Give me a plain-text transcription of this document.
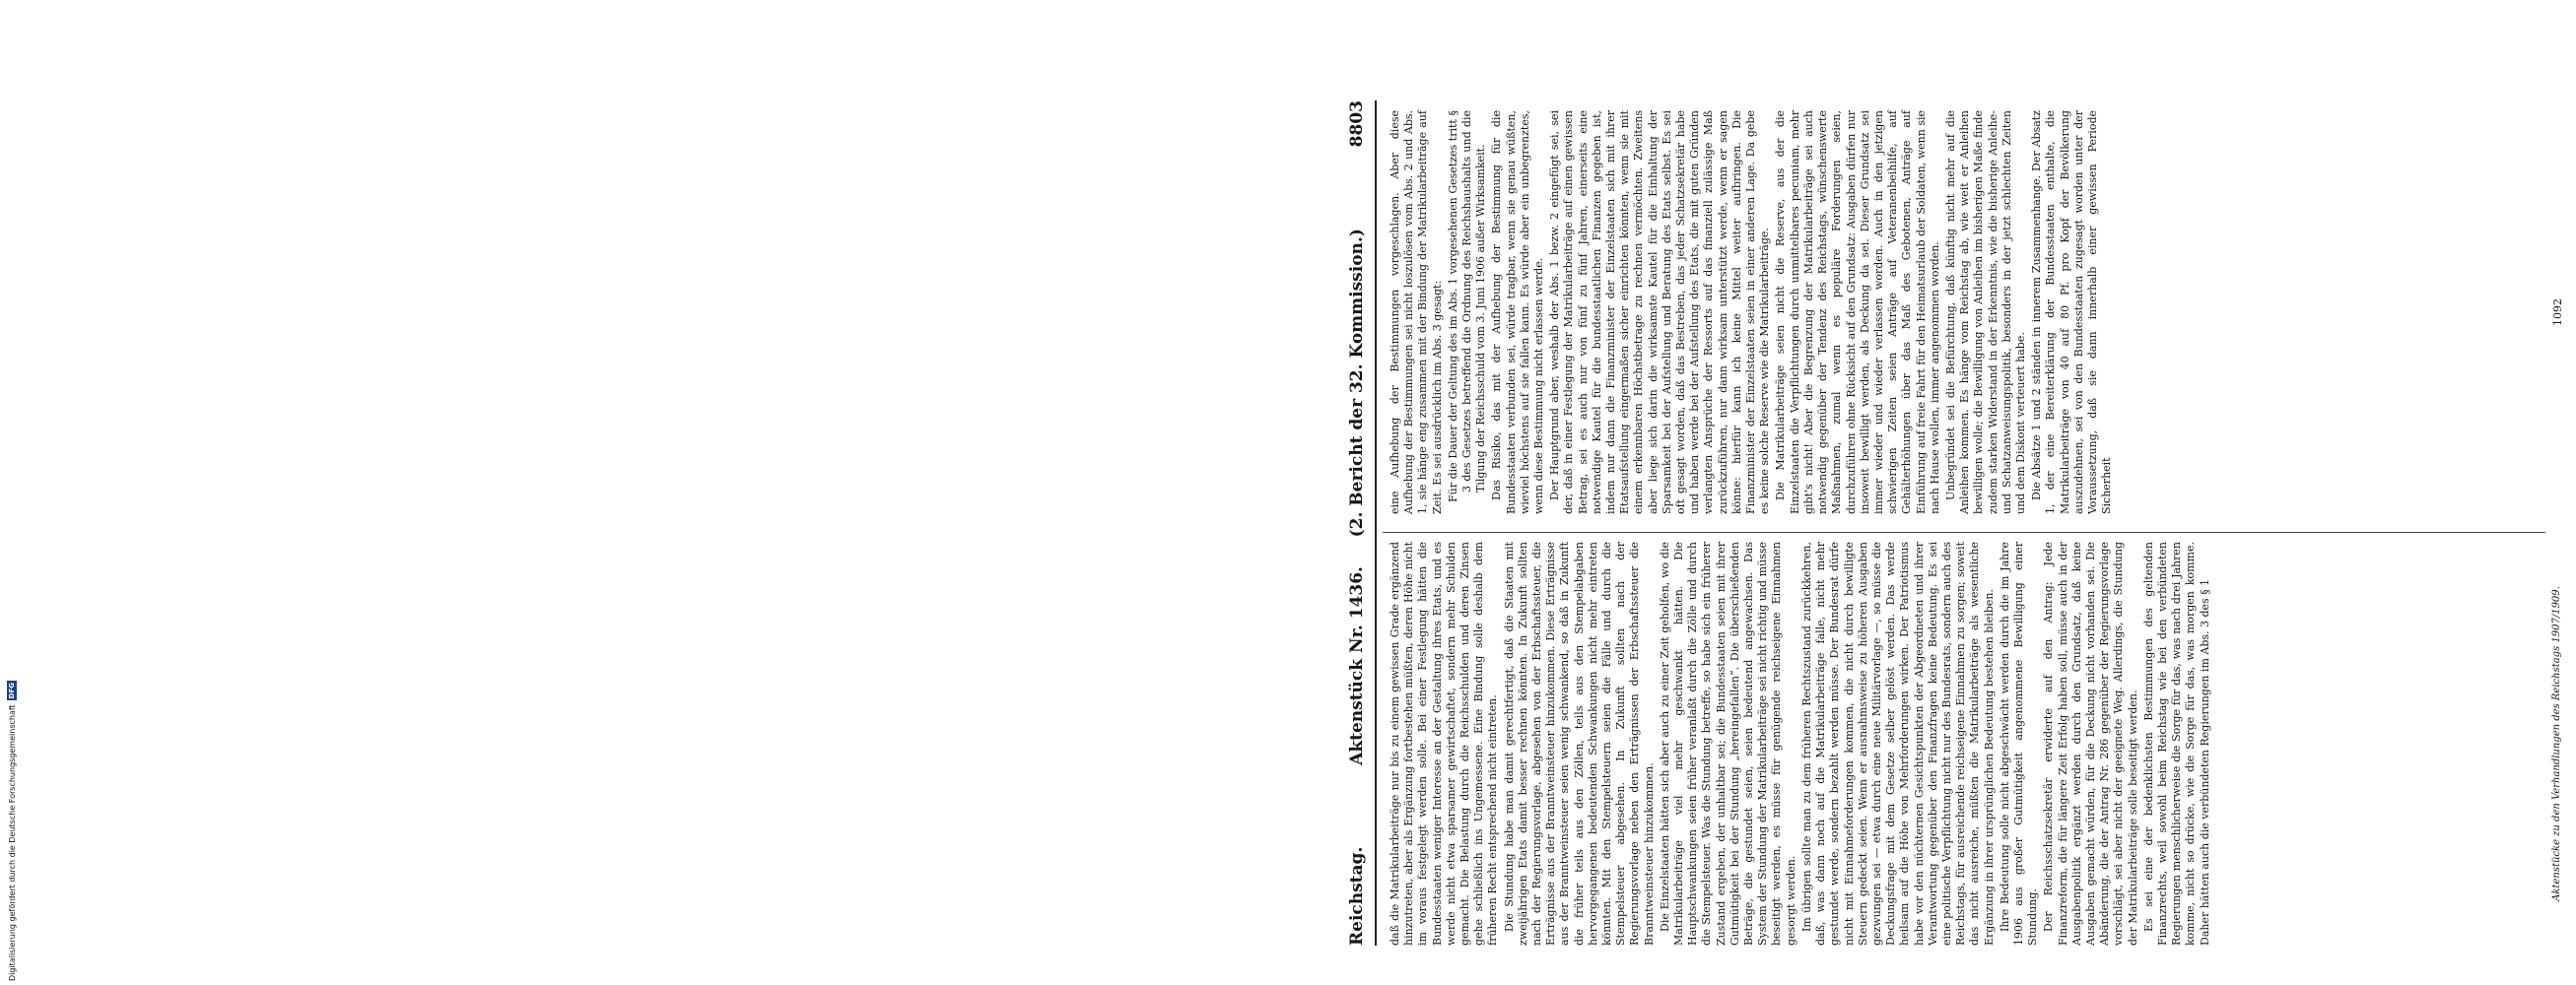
Reichstag.
Aktenstück Nr. 1436.     (2. Bericht der 32. Kommission.)
8803

daß die Matrikularbeiträge nur bis zu einem gewissen Grade ergänzend hinzutreten, aber als Ergänzung fortbestehen müßten, deren Höhe nicht im voraus festgelegt werden solle. Bei einer Festlegung hätten die Bundesstaaten weniger Interesse an der Gestaltung ihres Etats, und es werde nicht etwa sparsamer gewirtschaftet, sondern mehr Schulden gemacht. Die Belastung durch die Reichsschulden und deren Zinsen gehe schließlich ins Ungemessene. Eine Bindung solle deshalb dem früheren Recht entsprechend nicht eintreten. Die Stundung habe man damit gerechtfertigt, daß die Staaten mit zweijährigen Etats damit besser rechnen könnten. In Zukunft sollten nach der Regierungsvorlage, abgesehen von der Erbschaftssteuer, die Erträgnisse aus der Branntweinsteuer hinzukommen. Diese Erträgnisse aus der Branntweinsteuer seien wenig schwankend, so daß in Zukunft die früher teils aus den Zöllen, teils aus den Stempelabgaben hervorgegangenen bedeutenden Schwankungen nicht mehr eintreten könnten. Mit den Stempelsteuern seien die Fälle und durch die Stempelsteuer abgesehen. In Zukunft sollten nach der Regierungsvorlage neben den Erträgnissen der Erbschaftssteuer die Branntweinsteuer hinzukommen. Die Einzelstaaten hätten sich aber auch zu einer Zeit geholfen, wo die Matrikularbeiträge viel mehr geschwankt hätten. Die Hauptschwankungen seien früher veranlaßt durch die Zölle und durch die Stempelsteuer. Was die Stundung betreffe, so habe sich ein früherer Zustand ergeben, der unhaltbar sei; die Bundesstaaten seien mit ihrer Gutmütigkeit bei der Stundung „hereingefallen“. Die überschießenden Beträge, die gestundet seien, seien bedeutend angewachsen. Das System der Stundung der Matrikularbeiträge sei nicht richtig und müsse beseitigt werden, es müsse für genügende reichseigene Einnahmen gesorgt werden. Im übrigen sollte man zu dem früheren Rechtszustand zurückkehren, daß, was dann noch auf die Matrikularbeiträge falle, nicht mehr gestundet werde, sondern bezahlt werden müsse. Der Bundesrat dürfe nicht mit Einnahmeforderungen kommen, die nicht durch bewilligte Steuern gedeckt seien. Wenn er ausnahmsweise zu höheren Ausgaben gezwungen sei — etwa durch eine neue Militärvorlage —, so müsse die Deckungsfrage mit dem Gesetze selber gelöst werden. Das werde heilsam auf die Höhe von Mehrforderungen wirken. Der Patriotismus habe vor den nüchternen Gesichtspunkten der Abgeordneten und ihrer Verantwortung gegenüber den Finanzfragen keine Bedeutung. Es sei eine politische Verpflichtung nicht nur des Bundesrats, sondern auch des Reichstags, für ausreichende reichseigene Einnahmen zu sorgen; soweit das nicht ausreiche, müßten die Matrikularbeiträge als wesentliche Ergänzung in ihrer ursprünglichen Bedeutung bestehen bleiben. Ihre Bedeutung solle nicht abgeschwächt werden durch die im Jahre 1906 aus großer Gutmütigkeit angenommene Bewilligung einer Stundung. Der Reichsschatzsekretär erwiderte auf den Antrag: Jede Finanzreform, die für längere Zeit Erfolg haben soll, müsse auch in der Ausgabenpolitik ergänzt werden durch den Grundsatz, daß keine Ausgaben gemacht würden, für die Deckung nicht vorhanden sei. Die Abänderung, die der Antrag Nr. 286 gegenüber der Regierungsvorlage vorschlägt, sei aber nicht der geeignete Weg. Allerdings, die Stundung der Matrikularbeiträge solle beseitigt werden. Es sei eine der bedenklichsten Bestimmungen des geltenden Finanzrechts, weil sowohl beim Reichstag wie bei den verbündeten Regierungen menschlicherweise die Sorge für das, was nach drei Jahren komme, nicht so drücke, wie die Sorge für das, was morgen komme. Daher hätten auch die verbündeten Regierungen im Abs. 3 des § 1

eine Aufhebung der Bestimmungen vorgeschlagen. Aber diese Aufhebung der Bestimmungen sei nicht loszulösen vom Abs. 2 und Abs. 1, sie hänge eng zusammen mit der Bindung der Matrikularbeiträge auf Zeit. Es sei ausdrücklich im Abs. 3 gesagt: Für die Dauer der Geltung des im Abs. 1 vorgesehenen Gesetzes tritt § 3 des Gesetzes betreffend die Ordnung des Reichshaushalts und die Tilgung der Reichsschuld vom 3. Juni 1906 außer Wirksamkeit. Das Risiko, das mit der Aufhebung der Bestimmung für die Bundesstaaten verbunden sei, würde tragbar, wenn sie genau wüßten, wieviel höchstens auf sie fallen kann. Es würde aber ein unbegrenztes, wenn diese Bestimmung nicht erlassen werde. Der Hauptgrund aber, weshalb der Abs. 1 bezw. 2 eingefügt sei, sei der, daß in einer Festlegung der Matrikularbeiträge auf einen gewissen Betrag, sei es auch nur von fünf zu fünf Jahren, einerseits eine notwendige Kautel für die bundesstaatlichen Finanzen gegeben ist, indem nur dann die Finanzminister der Einzelstaaten sich mit ihrer Etatsaufstellung eingermaßen sicher einrichten könnten, wenn sie mit einem erkennbaren Höchstbetrage zu rechnen vermöchten. Zweitens aber liege sich darin die wirksamste Kautel für die Einhaltung der Sparsamkeit bei der Aufstellung und Beratung des Etats selbst. Es sei oft gesagt worden, daß das Bestreben, das jeder Schatzsekretär habe und haben werde bei der Aufstellung des Etats, die mit guten Gründen verlangten Ansprüche der Ressorts auf das finanziell zulässige Maß zurückzuführen, nur dann wirksam unterstützt werde, wenn er sagen könne: hierfür kann ich keine Mittel weiter aufbringen. Die Finanzminister der Einzelstaaten seien in einer anderen Lage. Da gebe es keine solche Reserve wie die Matrikularbeiträge. Die Matrikularbeiträge seien nicht die Reserve, aus der die Einzelstaaten die Verpflichtungen durch unmittelbares pecuniam, mehr gibt's nicht! Aber die Begrenzung der Matrikularbeiträge sei auch notwendig gegenüber der Tendenz des Reichstags, wünschenswerte Maßnahmen, zumal wenn es populäre Forderungen seien, durchzuführen ohne Rücksicht auf den Grundsatz: Ausgaben dürfen nur insoweit bewilligt werden, als Deckung da sei. Dieser Grundsatz sei immer wieder und wieder verlassen worden. Auch in den jetzigen schwierigen Zeiten seien Anträge auf Veteranenbeihilfe, auf Gehälterhöhungen über das Maß des Gebotenen, Anträge auf Einführung auf freie Fahrt für den Heimatsurlaub der Soldaten, wenn sie nach Hause wollen, immer angenommen worden. Unbegründet sei die Befürchtung, daß künftig nicht mehr auf die Anleihen kommen. Es hänge vom Reichstag ab, wie weit er Anleihen bewilligen wolle; die Bewilligung von Anleihen im bisherigen Maße finde zudem starken Widerstand in der Erkenntnis, wie die bisherige Anleihe- und Schatzanweisungspolitik, besonders in der jetzt schlechten Zeiten und dem Diskont verteuert habe. Die Absätze 1 und 2 ständen in innerem Zusammenhange. Der Absatz 1, der eine Bereiterklärung der Bundesstaaten enthalte, die Matrikularbeiträge von 40 auf 80 Pf. pro Kopf der Bevölkerung auszudehnen, sei von den Bundesstaaten zugesagt worden unter der Voraussetzung, daß sie dann innerhalb einer gewissen Periode Sicherheit

Aktenstücke zu den Verhandlungen des Reichstags 1907/1909.
1092
Digitalisierung gefördert durch die Deutsche Forschungsgemeinschaft
DFG
